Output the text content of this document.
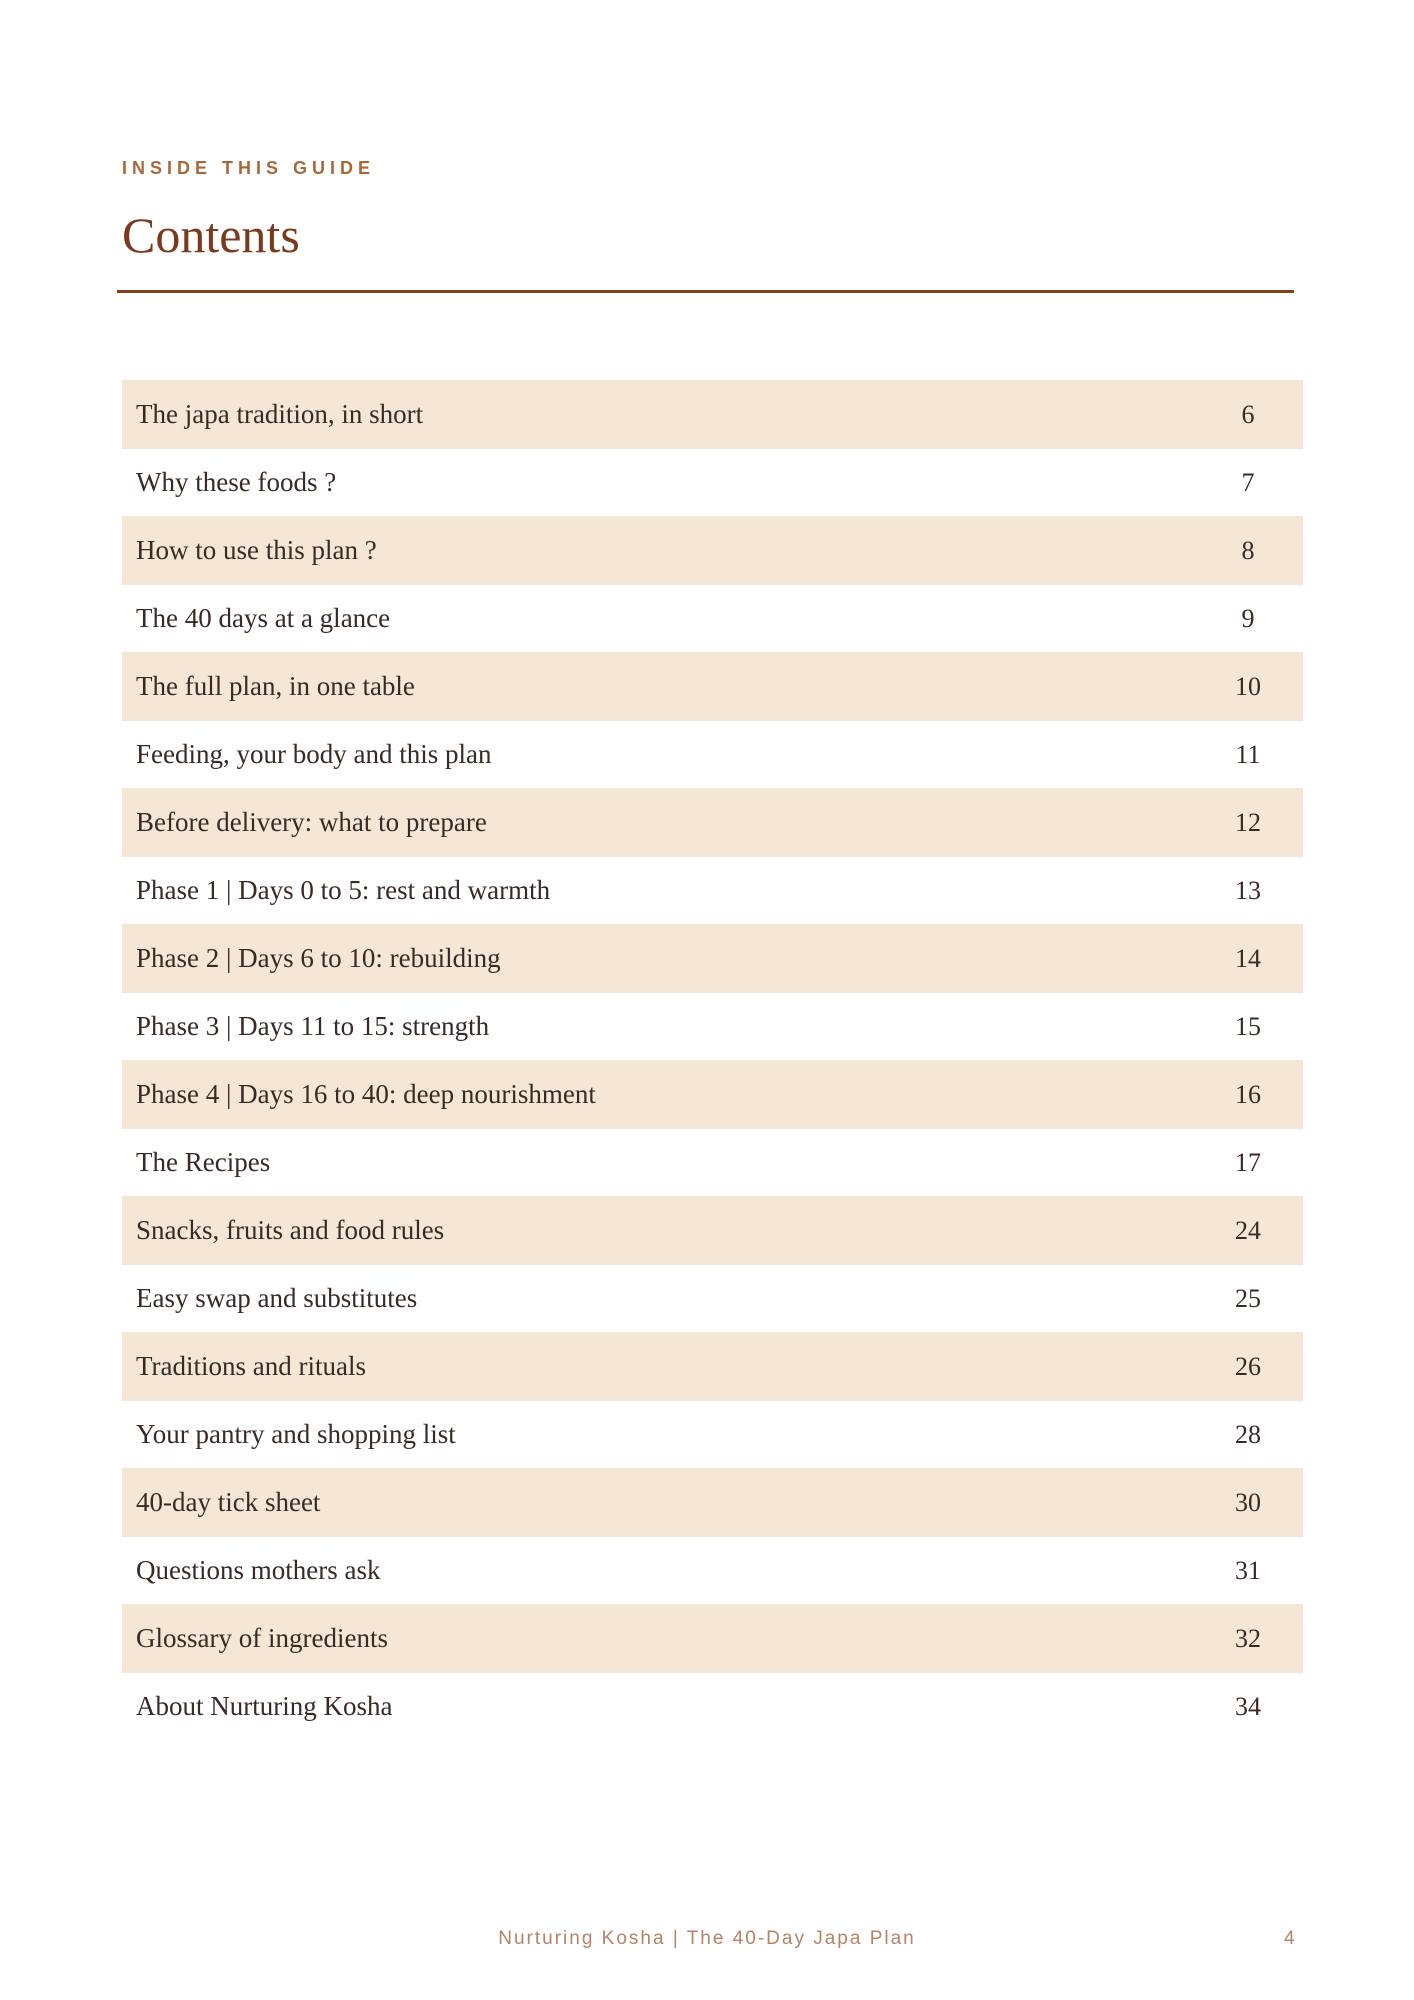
INSIDE THIS GUIDE
Contents
The japa tradition, in short	6
Why these foods ?	7
How to use this plan ?	8
The 40 days at a glance	9
The full plan, in one table	10
Feeding, your body and this plan	11
Before delivery: what to prepare	12
Phase 1 | Days 0 to 5: rest and warmth	13
Phase 2 | Days 6 to 10: rebuilding	14
Phase 3 | Days 11 to 15: strength	15
Phase 4 | Days 16 to 40: deep nourishment	16
The Recipes	17
Snacks, fruits and food rules	24
Easy swap and substitutes	25
Traditions and rituals	26
Your pantry and shopping list	28
40-day tick sheet	30
Questions mothers ask	31
Glossary of ingredients	32
About Nurturing Kosha	34
Nurturing Kosha | The 40-Day Japa Plan	4
